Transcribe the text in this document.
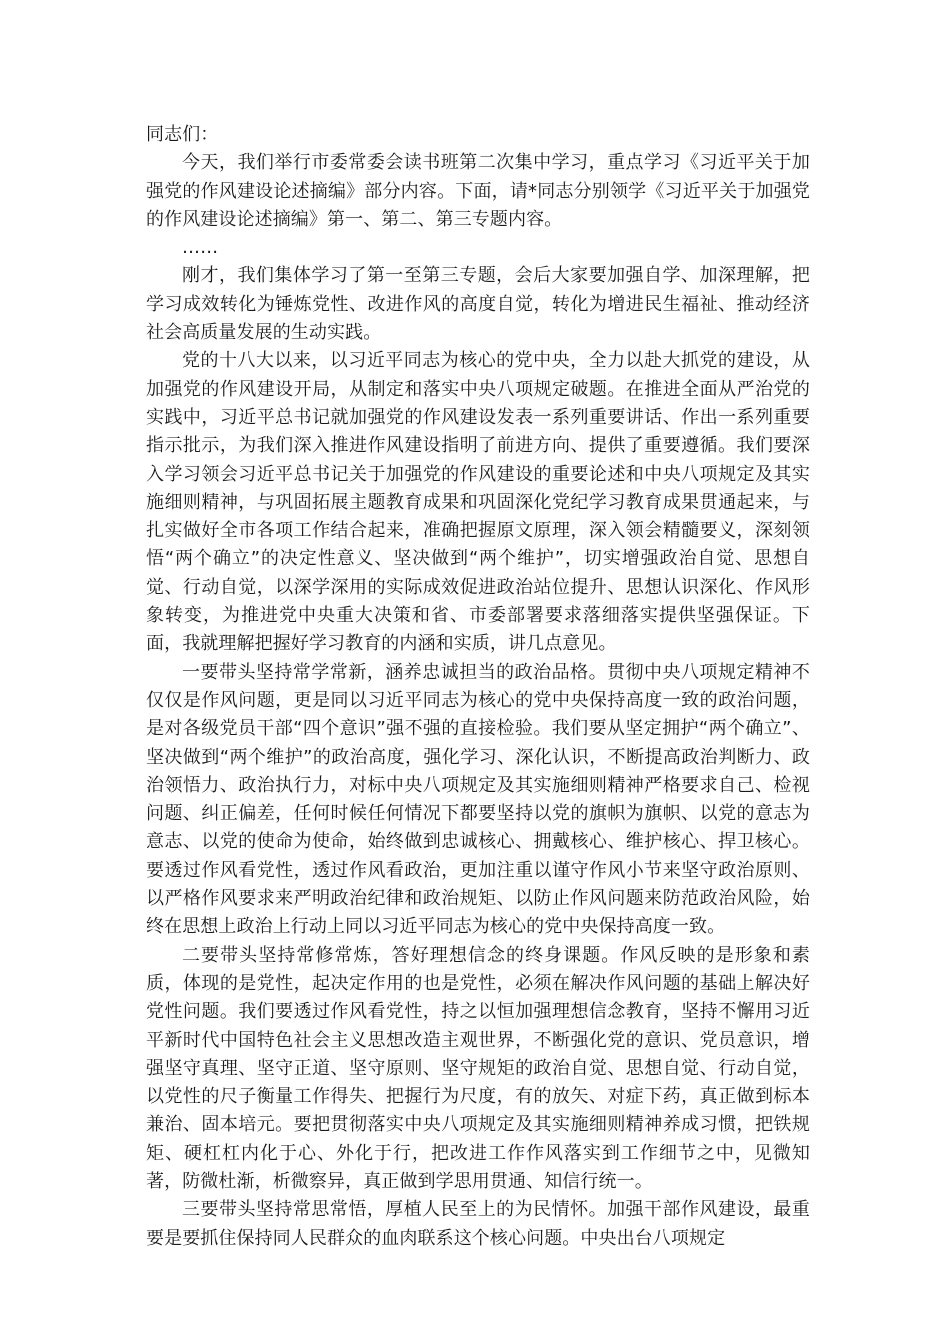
同志们：

今天，我们举行市委常委会读书班第二次集中学习，重点学习《习近平关于加强党的作风建设论述摘编》部分内容。下面，请*同志分别领学《习近平关于加强党的作风建设论述摘编》第一、第二、第三专题内容。

……

刚才，我们集体学习了第一至第三专题，会后大家要加强自学、加深理解，把学习成效转化为锤炼党性、改进作风的高度自觉，转化为增进民生福祉、推动经济社会高质量发展的生动实践。

党的十八大以来，以习近平同志为核心的党中央，全力以赴大抓党的建设，从加强党的作风建设开局，从制定和落实中央八项规定破题。在推进全面从严治党的实践中，习近平总书记就加强党的作风建设发表一系列重要讲话、作出一系列重要指示批示，为我们深入推进作风建设指明了前进方向、提供了重要遵循。我们要深入学习领会习近平总书记关于加强党的作风建设的重要论述和中央八项规定及其实施细则精神，与巩固拓展主题教育成果和巩固深化党纪学习教育成果贯通起来，与扎实做好全市各项工作结合起来，准确把握原文原理，深入领会精髓要义，深刻领悟“两个确立”的决定性意义、坚决做到“两个维护”，切实增强政治自觉、思想自觉、行动自觉，以深学深用的实际成效促进政治站位提升、思想认识深化、作风形象转变，为推进党中央重大决策和省、市委部署要求落细落实提供坚强保证。下面，我就理解把握好学习教育的内涵和实质，讲几点意见。

一要带头坚持常学常新，涵养忠诚担当的政治品格。贯彻中央八项规定精神不仅仅是作风问题，更是同以习近平同志为核心的党中央保持高度一致的政治问题，是对各级党员干部“四个意识”强不强的直接检验。我们要从坚定拥护“两个确立”、坚决做到“两个维护”的政治高度，强化学习、深化认识，不断提高政治判断力、政治领悟力、政治执行力，对标中央八项规定及其实施细则精神严格要求自己、检视问题、纠正偏差，任何时候任何情况下都要坚持以党的旗帜为旗帜、以党的意志为意志、以党的使命为使命，始终做到忠诚核心、拥戴核心、维护核心、捍卫核心。要透过作风看党性，透过作风看政治，更加注重以谨守作风小节来坚守政治原则、以严格作风要求来严明政治纪律和政治规矩、以防止作风问题来防范政治风险，始终在思想上政治上行动上同以习近平同志为核心的党中央保持高度一致。

二要带头坚持常修常炼，答好理想信念的终身课题。作风反映的是形象和素质，体现的是党性，起决定作用的也是党性，必须在解决作风问题的基础上解决好党性问题。我们要透过作风看党性，持之以恒加强理想信念教育，坚持不懈用习近平新时代中国特色社会主义思想改造主观世界，不断强化党的意识、党员意识，增强坚守真理、坚守正道、坚守原则、坚守规矩的政治自觉、思想自觉、行动自觉，以党性的尺子衡量工作得失、把握行为尺度，有的放矢、对症下药，真正做到标本兼治、固本培元。要把贯彻落实中央八项规定及其实施细则精神养成习惯，把铁规矩、硬杠杠内化于心、外化于行，把改进工作作风落实到工作细节之中，见微知著，防微杜渐，析微察异，真正做到学思用贯通、知信行统一。

三要带头坚持常思常悟，厚植人民至上的为民情怀。加强干部作风建设，最重要是要抓住保持同人民群众的血肉联系这个核心问题。中央出台八项规定
